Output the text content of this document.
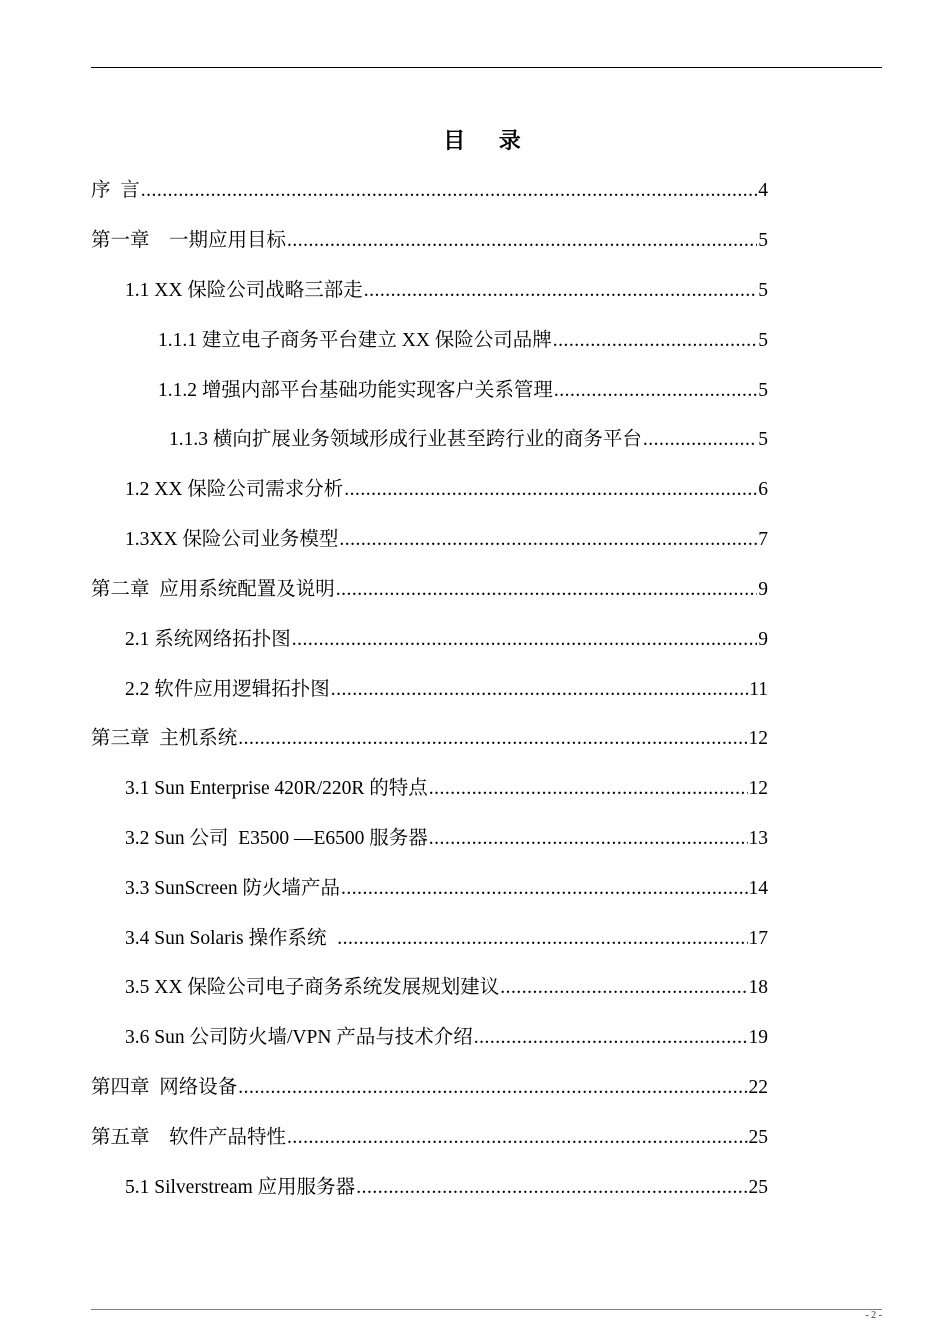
目 录
序  言 .....	4
第一章    一期应用目标 .....	5
1.1 XX 保险公司战略三部走 .....	5
1.1.1 建立电子商务平台建立 XX 保险公司品牌 .....	5
1.1.2 增强内部平台基础功能实现客户关系管理 .....	5
1.1.3 横向扩展业务领域形成行业甚至跨行业的商务平台 .....	5
1.2 XX 保险公司需求分析 .....	6
1.3XX 保险公司业务模型 .....	7
第二章  应用系统配置及说明 .....	9
2.1 系统网络拓扑图 .....	9
2.2 软件应用逻辑拓扑图 .....	11
第三章  主机系统 .....	12
3.1 Sun Enterprise 420R/220R 的特点 .....	12
3.2 Sun 公司  E3500 —E6500 服务器 .....	13
3.3 SunScreen 防火墙产品 .....	14
3.4 Sun Solaris 操作系统 .....	17
3.5 XX 保险公司电子商务系统发展规划建议 .....	18
3.6 Sun 公司防火墙/VPN 产品与技术介绍 .....	19
第四章  网络设备 .....	22
第五章    软件产品特性 .....	25
5.1 Silverstream 应用服务器 .....	25
- 2 -
